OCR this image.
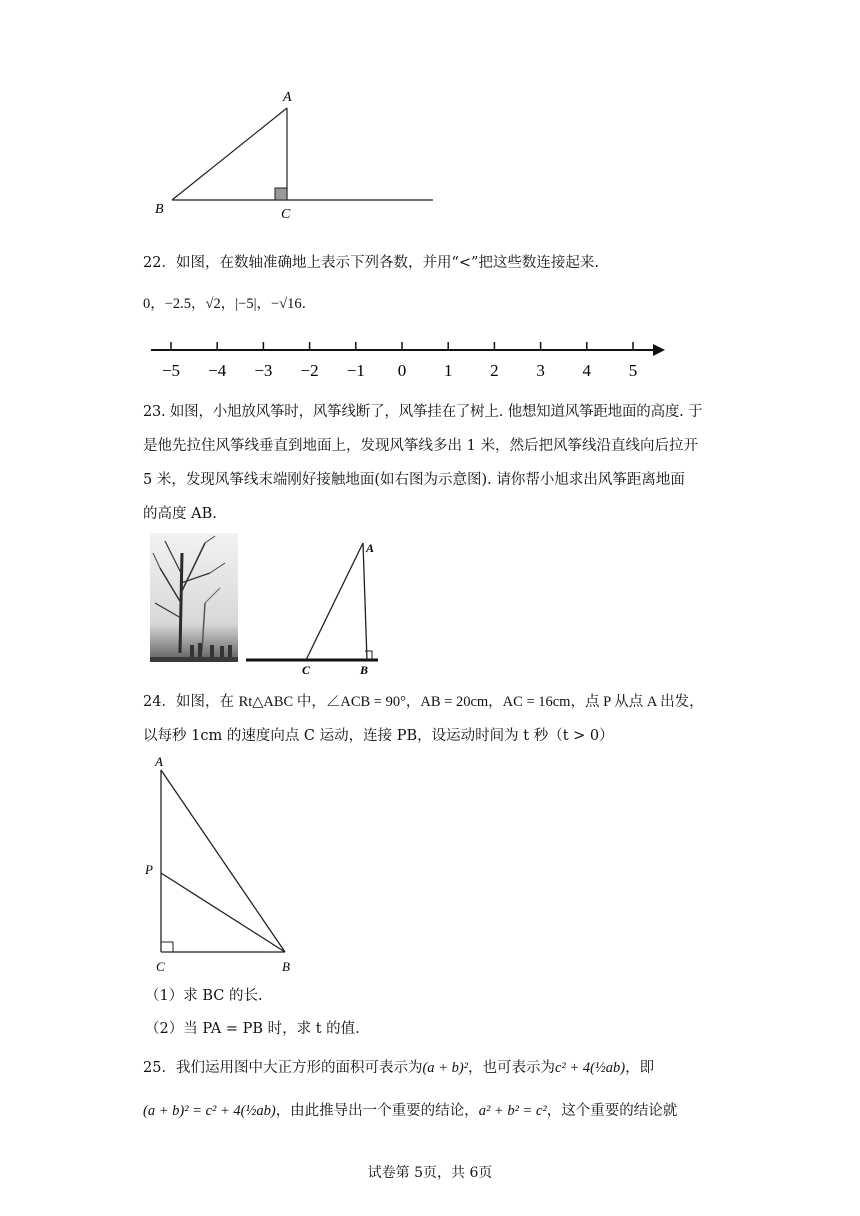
A
B	C
22．如图，在数轴准确地上表示下列各数，并用“<”把这些数连接起来.
0，−2.5，√2，|−5|，−√16．
−5 −4 −3 −2 −1 0 1 2 3 4 5
23. 如图，小旭放风筝时，风筝线断了，风筝挂在了树上. 他想知道风筝距地面的高度. 于
是他先拉住风筝线垂直到地面上，发现风筝线多出 1 米，然后把风筝线沿直线向后拉开
5 米，发现风筝线末端刚好接触地面(如右图为示意图). 请你帮小旭求出风筝距离地面
的高度 AB.
A
C	B
24．如图，在 Rt△ABC 中，∠ACB = 90°，AB = 20cm，AC = 16cm，点 P 从点 A 出发，
以每秒 1cm 的速度向点 C 运动，连接 PB，设运动时间为 t 秒（t > 0）
A
P
C	B
（1）求 BC 的长.
（2）当 PA = PB 时，求 t 的值.
25．我们运用图中大正方形的面积可表示为(a + b)²，也可表示为c² + 4(½ab)，即
(a + b)² = c² + 4(½ab)，由此推导出一个重要的结论，a² + b² = c²，这个重要的结论就
试卷第 5页，共 6页
